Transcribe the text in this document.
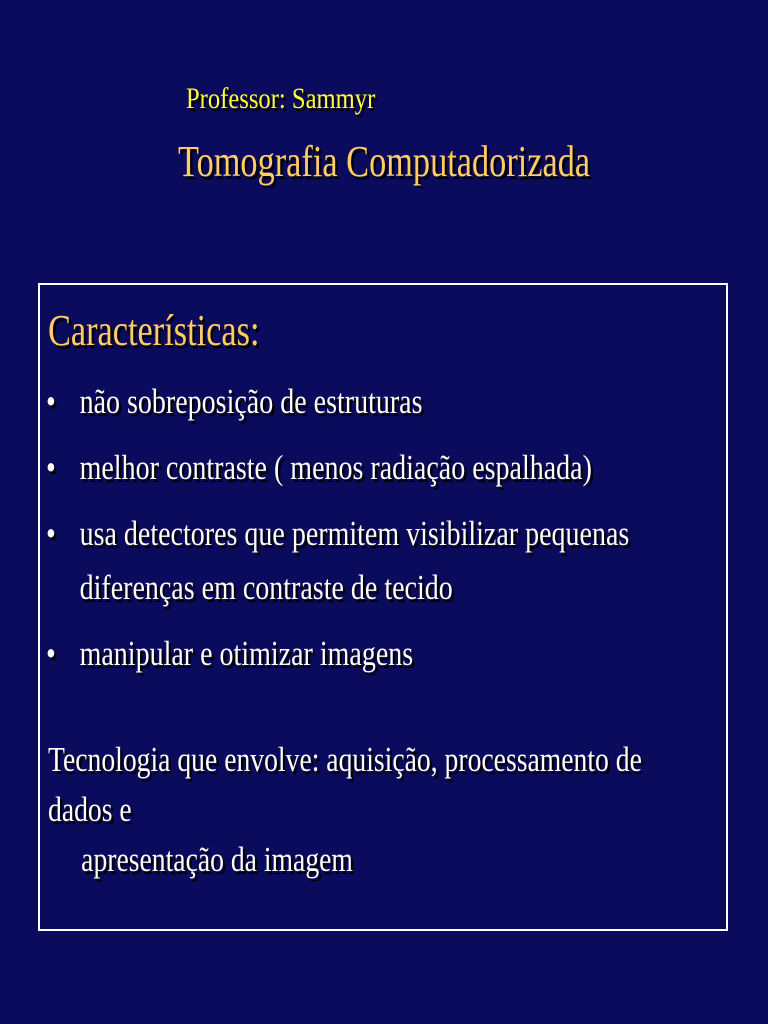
Professor: Sammyr
Tomografia Computadorizada
Características:
• não sobreposição de estruturas
• melhor contraste ( menos radiação espalhada)
• usa detectores que permitem visibilizar pequenas diferenças em contraste de tecido
• manipular e otimizar imagens
Tecnologia que envolve: aquisição, processamento de dados e
apresentação da imagem
